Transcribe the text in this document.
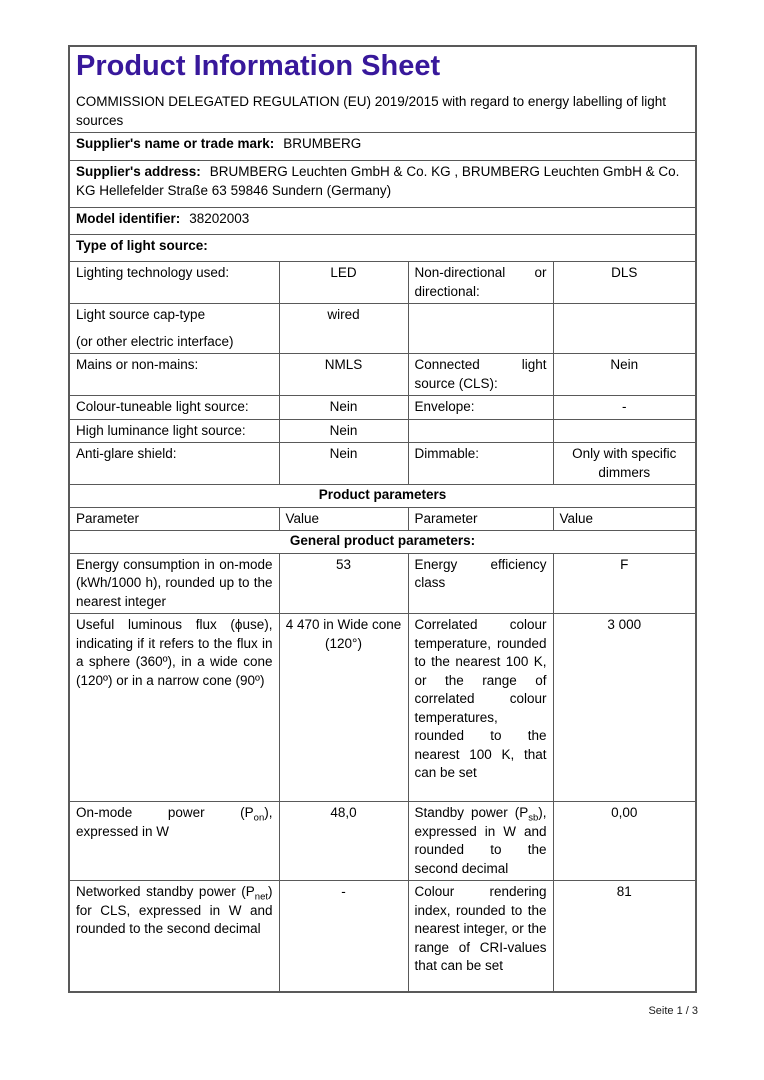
Product Information Sheet
COMMISSION DELEGATED REGULATION (EU) 2019/2015 with regard to energy labelling of light sources

Supplier's name or trade mark: BRUMBERG			
Supplier's address: BRUMBERG Leuchten GmbH & Co. KG , BRUMBERG Leuchten GmbH & Co. KG Hellefelder Straße 63 59846 Sundern (Germany)			
Model identifier: 38202003			
Type of light source:			
Lighting technology used:	LED	Non-directional or directional:	DLS
Light source cap-type
(or other electric interface)	wired		
Mains or non-mains:	NMLS	Connected light source (CLS):	Nein
Colour-tuneable light source:	Nein	Envelope:	-
High luminance light source:	Nein		
Anti-glare shield:	Nein	Dimmable:	Only with specific dimmers
Product parameters			
Parameter	Value	Parameter	Value
General product parameters:			
Energy consumption in on-mode (kWh/1000 h), rounded up to the nearest integer	53	Energy efficiency class	F
Useful luminous flux (ϕuse), indicating if it refers to the flux in a sphere (360º), in a wide cone (120º) or in a narrow cone (90º)	4 470 in Wide cone (120°)	Correlated colour temperature, rounded to the nearest 100 K, or the range of correlated colour temperatures, rounded to the nearest 100 K, that can be set	3 000
On-mode power $(P_{on})$, expressed in W	48,0	Standby power $(P_{sb})$, expressed in W and rounded to the second decimal	0,00
Networked standby power $(P_{net})$ for CLS, expressed in W and rounded to the second decimal	-	Colour rendering index, rounded to the nearest integer, or the range of CRI-values that can be set	81
Seite 1 / 3
